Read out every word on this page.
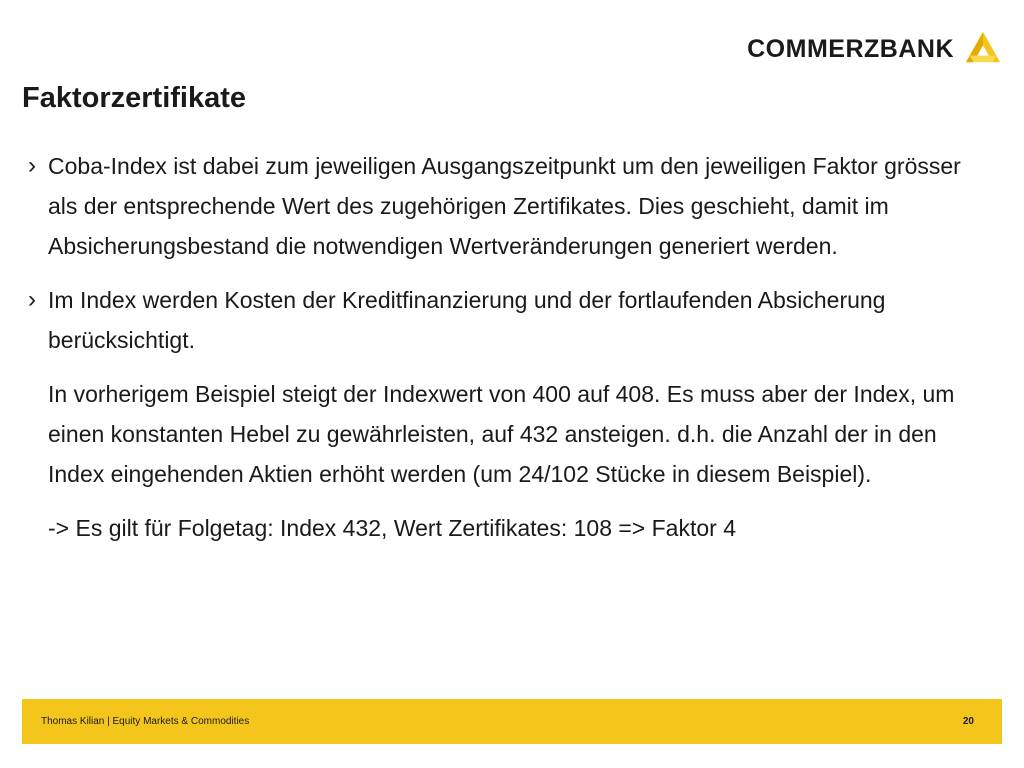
COMMERZBANK
Faktorzertifikate

› Coba-Index ist dabei zum jeweiligen Ausgangszeitpunkt um den jeweiligen Faktor grösser als der entsprechende Wert des zugehörigen Zertifikates. Dies geschieht, damit im Absicherungsbestand die notwendigen Wertveränderungen generiert werden.

› Im Index werden Kosten der Kreditfinanzierung und der fortlaufenden Absicherung berücksichtigt.

In vorherigem Beispiel steigt der Indexwert von 400 auf 408. Es muss aber der Index, um einen konstanten Hebel zu gewährleisten, auf 432 ansteigen. d.h. die Anzahl der in den Index eingehenden Aktien erhöht werden (um 24/102 Stücke in diesem Beispiel).

-> Es gilt für Folgetag: Index 432, Wert Zertifikates: 108 => Faktor 4

Thomas Kilian | Equity Markets & Commodities	20
